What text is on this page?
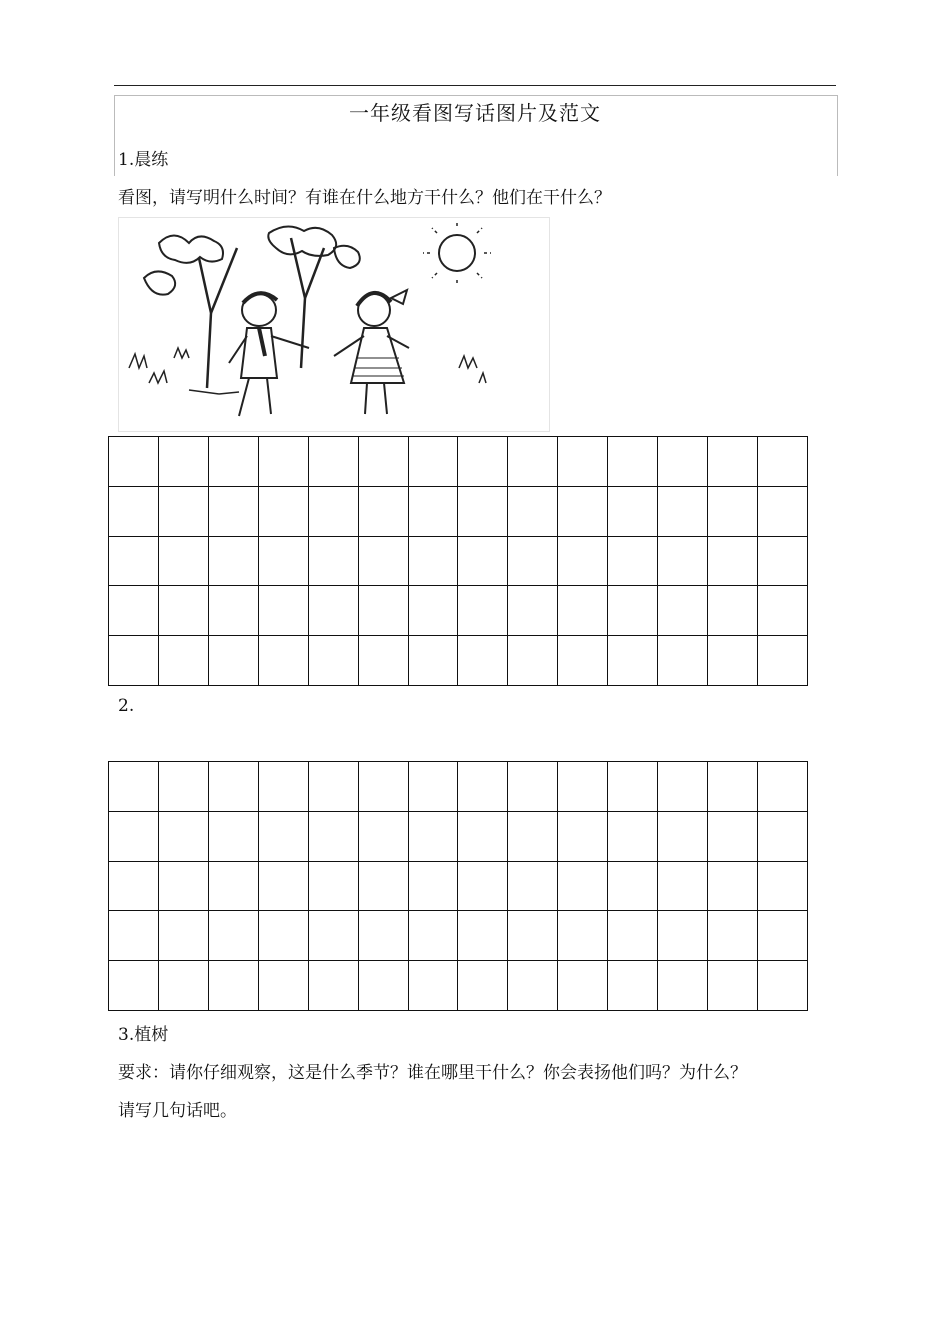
一年级看图写话图片及范文
1.晨练
看图，请写明什么时间？有谁在什么地方干什么？他们在干什么？
2.
3.植树
要求：请你仔细观察，这是什么季节？谁在哪里干什么？你会表扬他们吗？为什么？
请写几句话吧。
